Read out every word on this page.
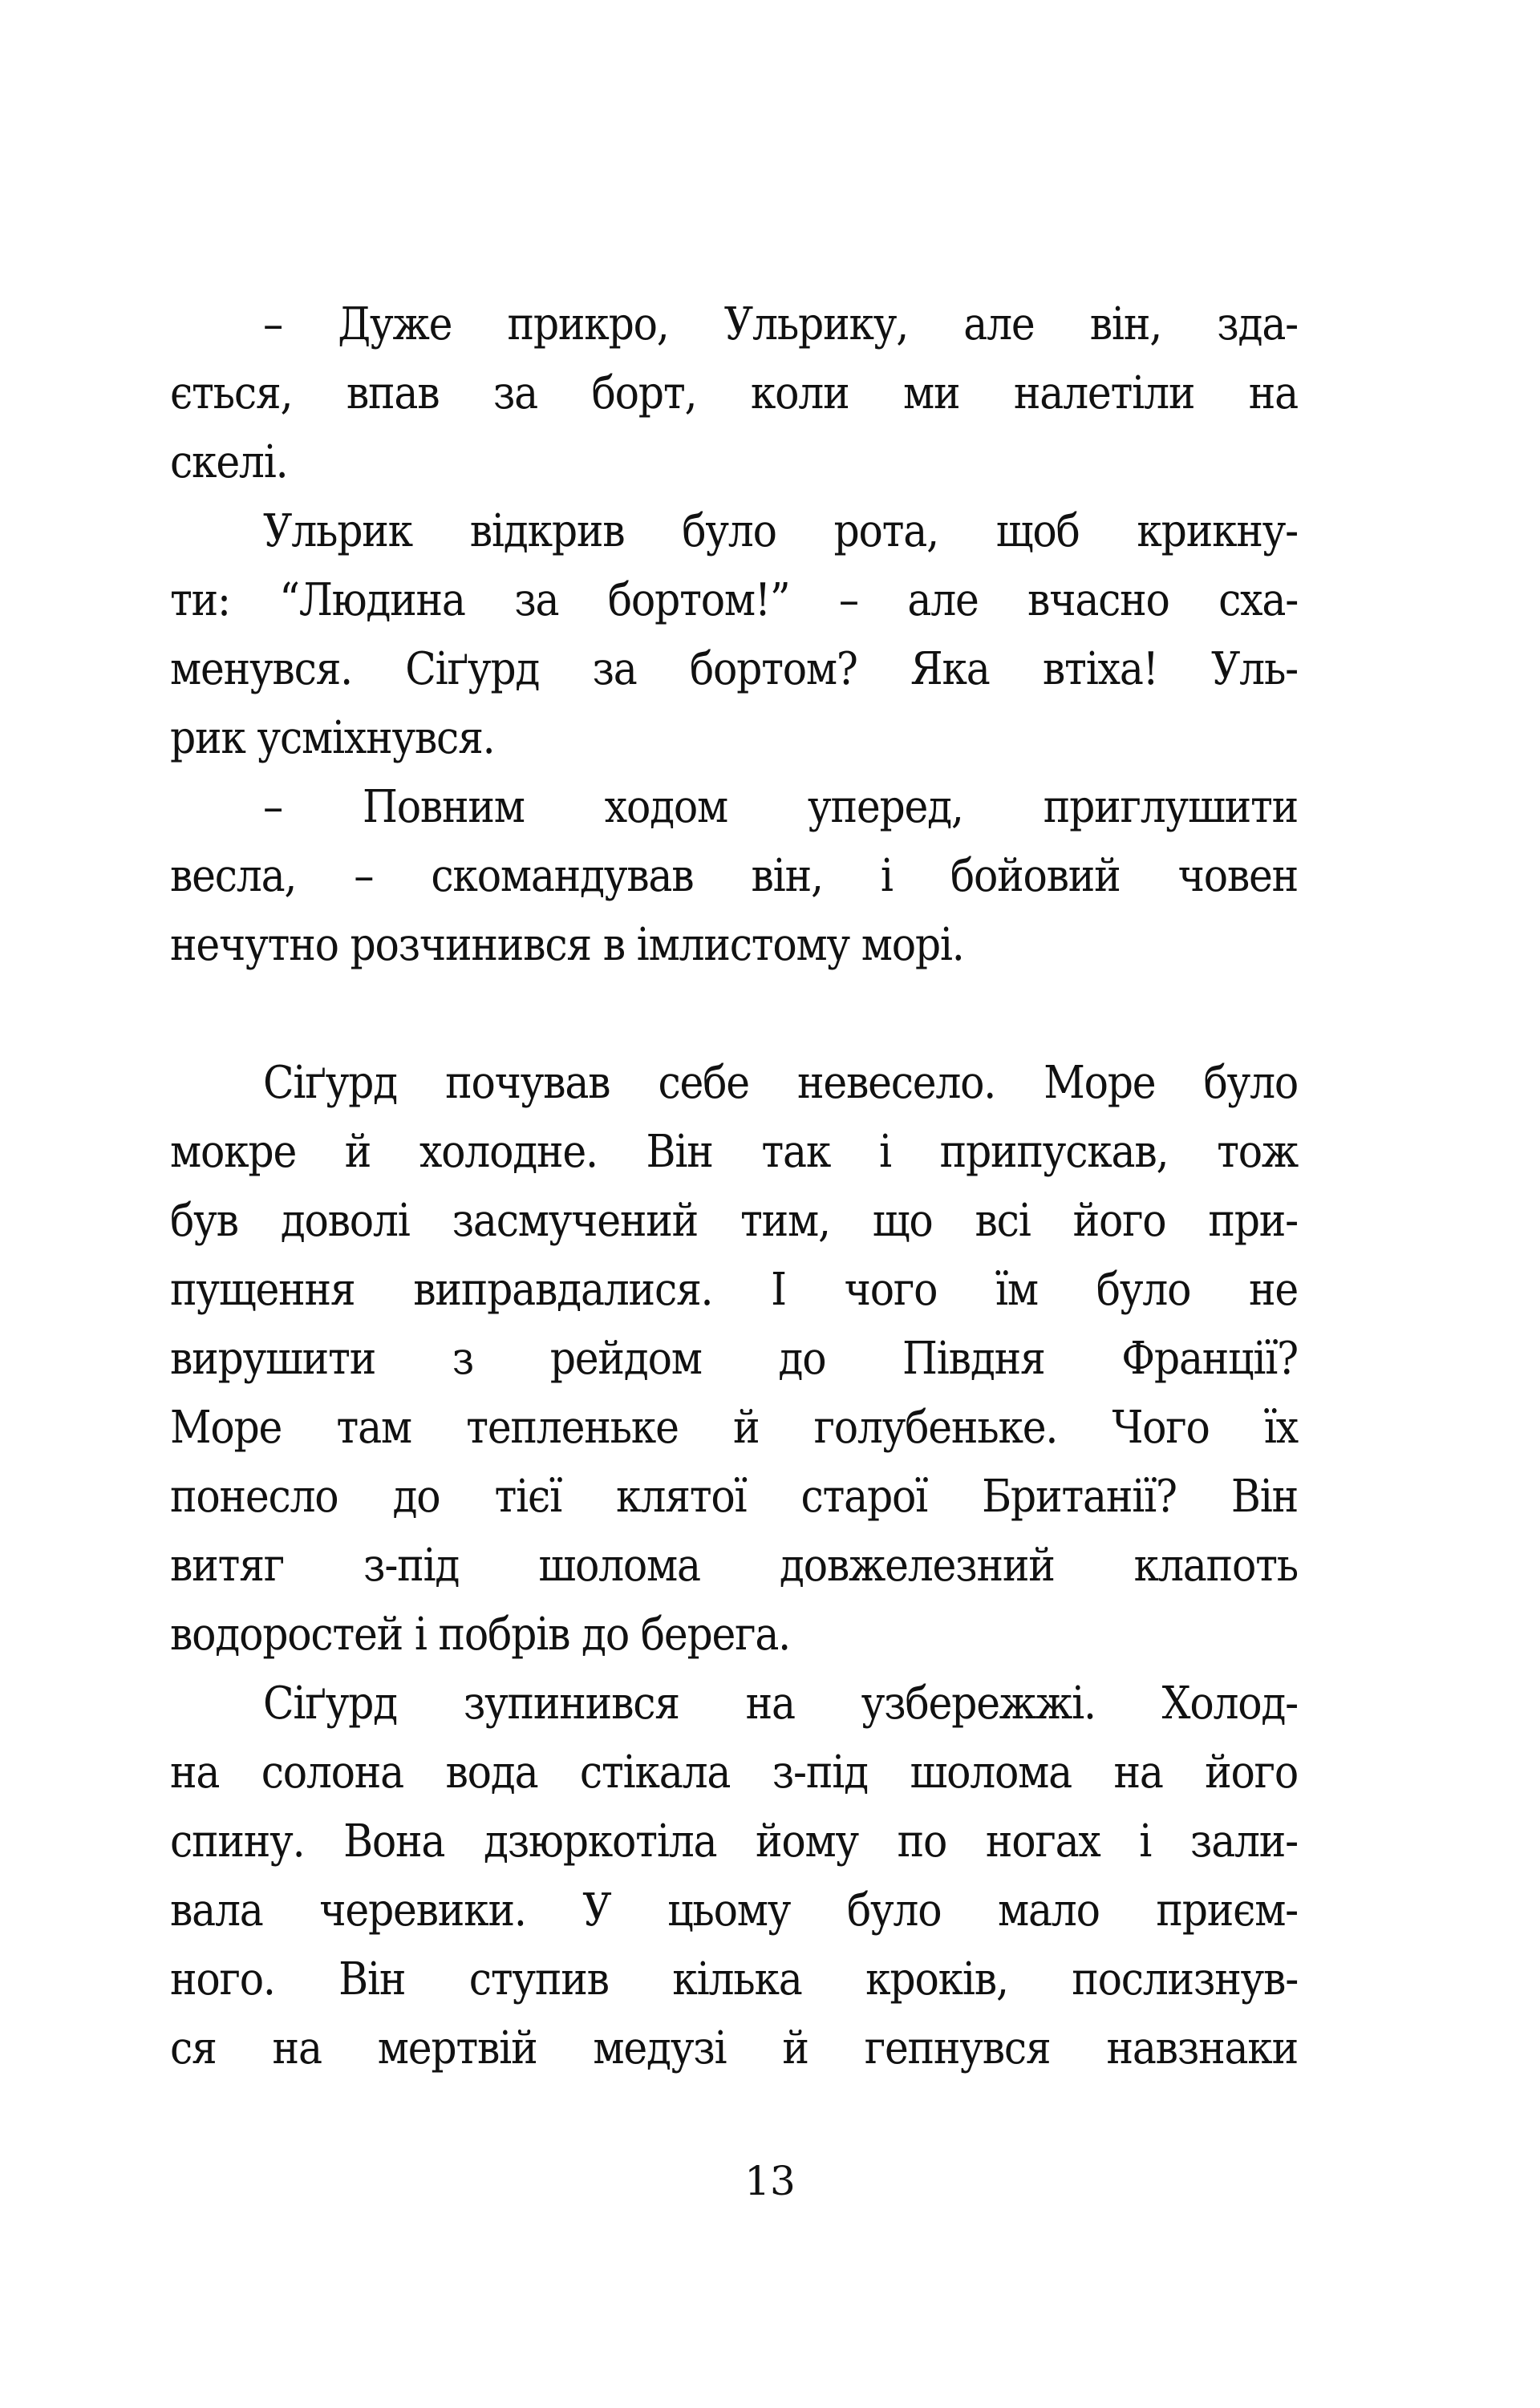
– Дуже прикро, Ульрику, але він, зда-
ється, впав за борт, коли ми налетіли на
скелі.
Ульрик відкрив було рота, щоб крикну-
ти: “Людина за бортом!” – але вчасно сха-
менувся. Сіґурд за бортом? Яка втіха! Уль-
рик усміхнувся.
– Повним ходом уперед, приглушити
весла, – скомандував він, і бойовий човен
нечутно розчинився в імлистому морі.
Сіґурд почував себе невесело. Море було
мокре й холодне. Він так і припускав, тож
був доволі засмучений тим, що всі його при-
пущення виправдалися. І чого їм було не
вирушити з рейдом до Півдня Франції?
Море там тепленьке й голубеньке. Чого їх
понесло до тієї клятої старої Британії? Він
витяг з-під шолома довжелезний клапоть
водоростей і побрів до берега.
Сіґурд зупинився на узбережжі. Холод-
на солона вода стікала з-під шолома на його
спину. Вона дзюркотіла йому по ногах і зали-
вала черевики. У цьому було мало приєм-
ного. Він ступив кілька кроків, послизнув-
ся на мертвій медузі й гепнувся навзнаки
13
